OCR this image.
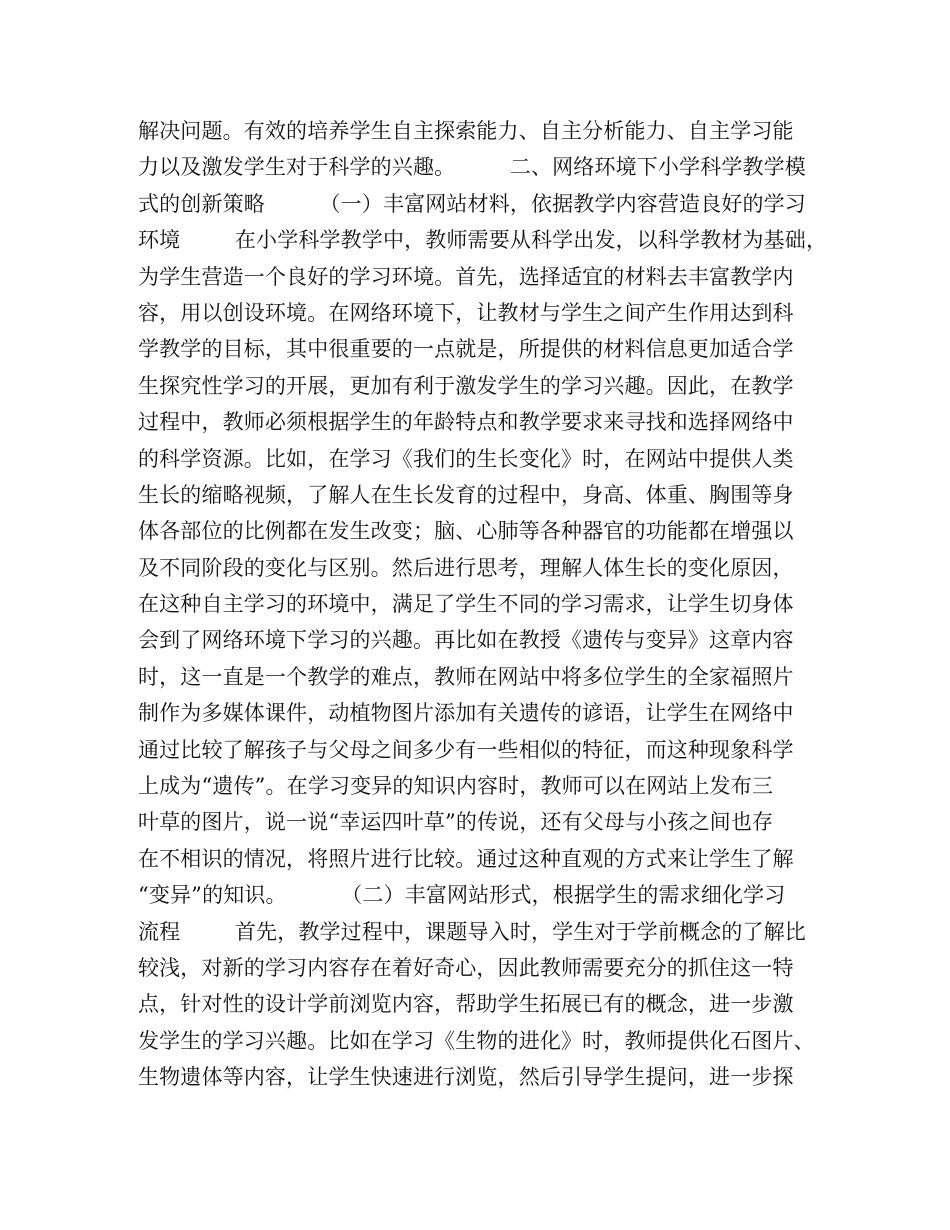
解决问题。有效的培养学生自主探索能力、自主分析能力、自主学习能
力以及激发学生对于科学的兴趣。        二、网络环境下小学科学教学模
式的创新策略        （一）丰富网站材料，依据教学内容营造良好的学习
环境        在小学科学教学中，教师需要从科学出发，以科学教材为基础，
为学生营造一个良好的学习环境。首先，选择适宜的材料去丰富教学内
容，用以创设环境。在网络环境下，让教材与学生之间产生作用达到科
学教学的目标，其中很重要的一点就是，所提供的材料信息更加适合学
生探究性学习的开展，更加有利于激发学生的学习兴趣。因此，在教学
过程中，教师必须根据学生的年龄特点和教学要求来寻找和选择网络中
的科学资源。比如，在学习《我们的生长变化》时，在网站中提供人类
生长的缩略视频，了解人在生长发育的过程中，身高、体重、胸围等身
体各部位的比例都在发生改变；脑、心肺等各种器官的功能都在增强以
及不同阶段的变化与区别。然后进行思考，理解人体生长的变化原因，
在这种自主学习的环境中，满足了学生不同的学习需求，让学生切身体
会到了网络环境下学习的兴趣。再比如在教授《遗传与变异》这章内容
时，这一直是一个教学的难点，教师在网站中将多位学生的全家福照片
制作为多媒体课件，动植物图片添加有关遗传的谚语，让学生在网络中
通过比较了解孩子与父母之间多少有一些相似的特征，而这种现象科学
上成为“遗传”。在学习变异的知识内容时，教师可以在网站上发布三
叶草的图片，说一说“幸运四叶草”的传说，还有父母与小孩之间也存
在不相识的情况，将照片进行比较。通过这种直观的方式来让学生了解
“变异”的知识。        （二）丰富网站形式，根据学生的需求细化学习
流程        首先，教学过程中，课题导入时，学生对于学前概念的了解比
较浅，对新的学习内容存在着好奇心，因此教师需要充分的抓住这一特
点，针对性的设计学前浏览内容，帮助学生拓展已有的概念，进一步激
发学生的学习兴趣。比如在学习《生物的进化》时，教师提供化石图片、
生物遗体等内容，让学生快速进行浏览，然后引导学生提问，进一步探
